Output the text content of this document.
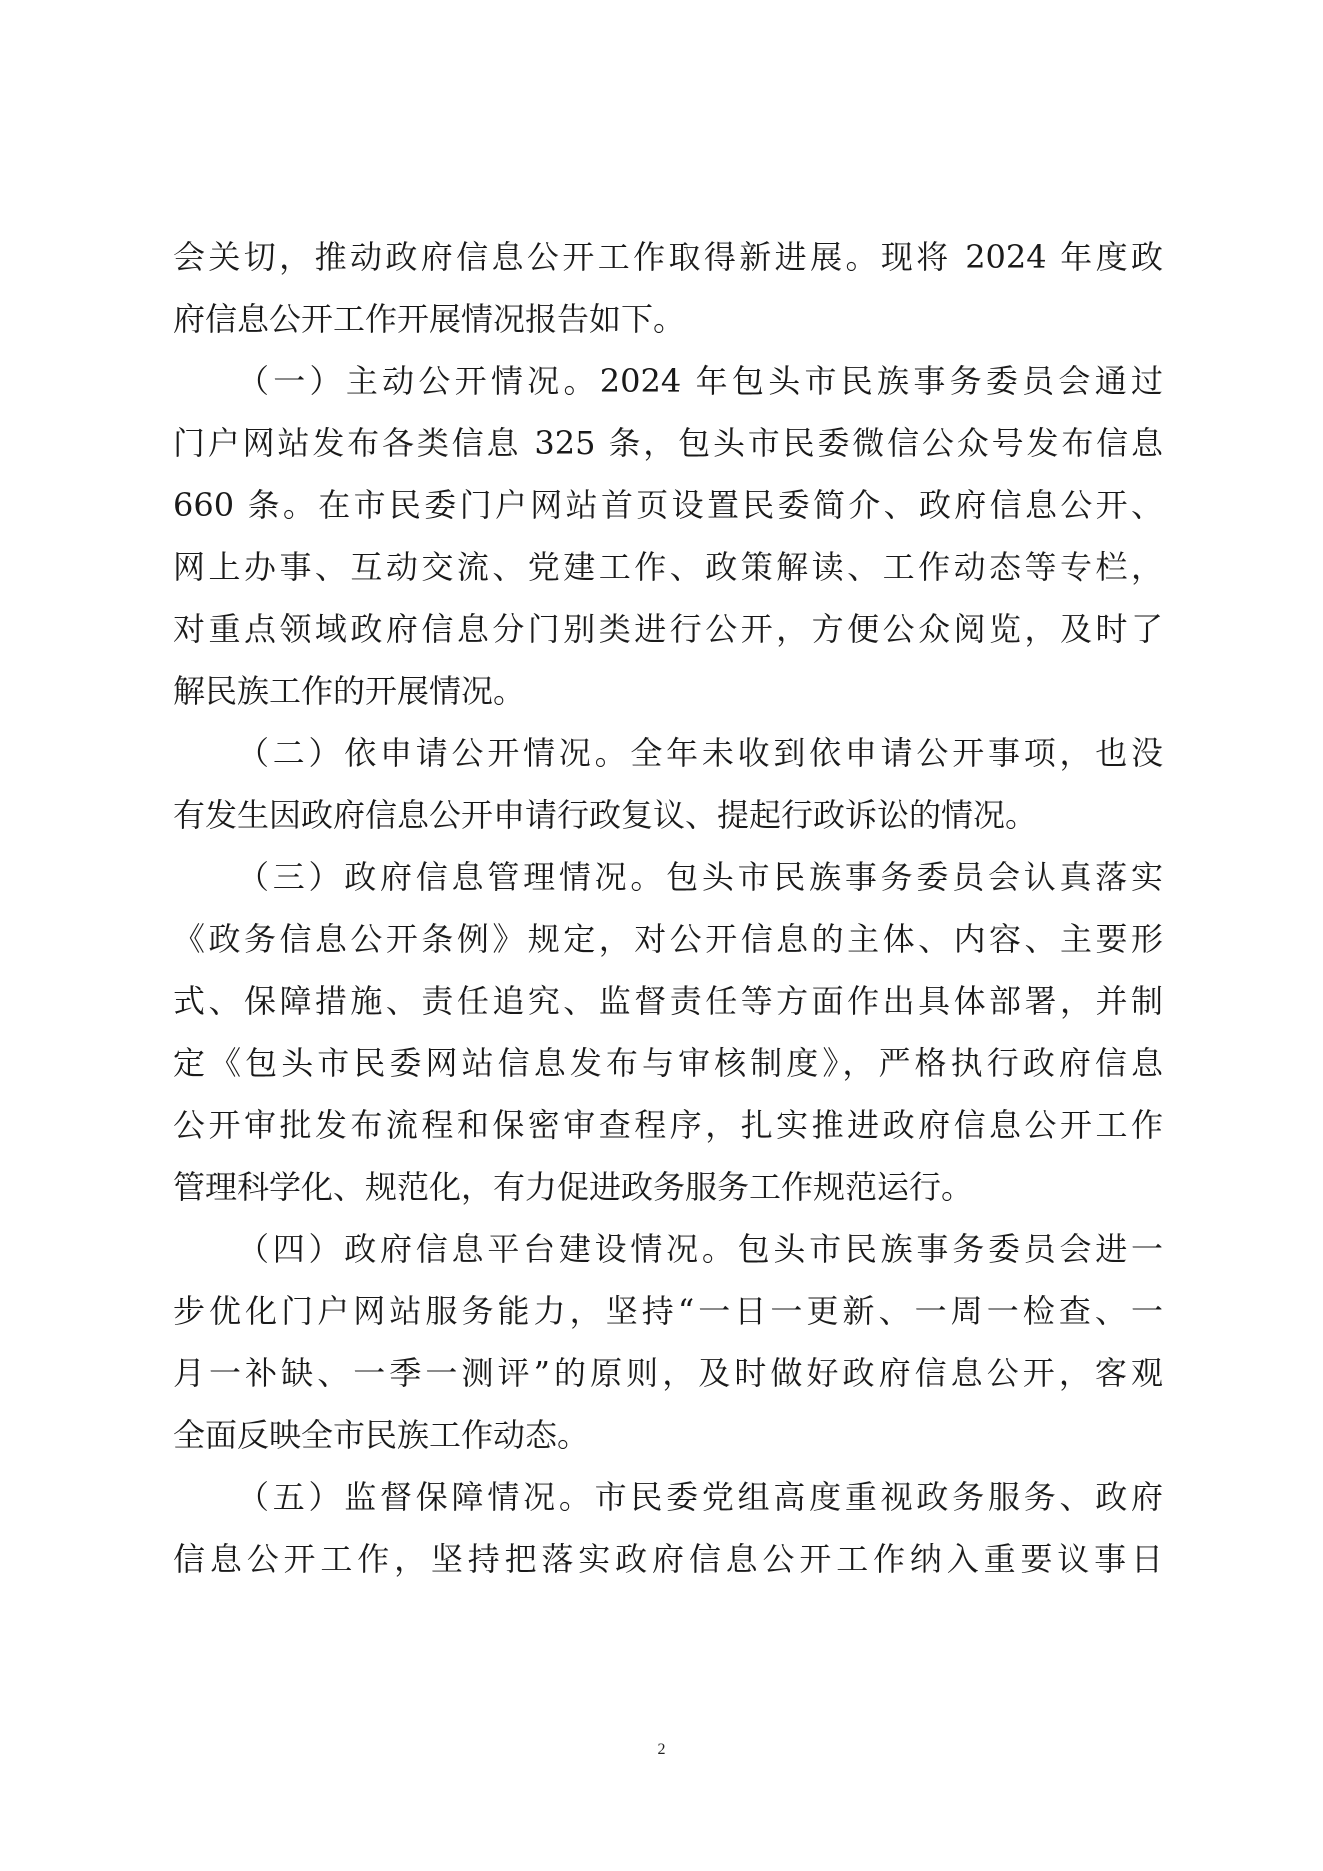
会关切，推动政府信息公开工作取得新进展。现将 2024 年度政
府信息公开工作开展情况报告如下。
（一）主动公开情况。2024 年包头市民族事务委员会通过
门户网站发布各类信息 325 条，包头市民委微信公众号发布信息
660 条。在市民委门户网站首页设置民委简介、政府信息公开、
网上办事、互动交流、党建工作、政策解读、工作动态等专栏，
对重点领域政府信息分门别类进行公开，方便公众阅览，及时了
解民族工作的开展情况。
（二）依申请公开情况。全年未收到依申请公开事项，也没
有发生因政府信息公开申请行政复议、提起行政诉讼的情况。
（三）政府信息管理情况。包头市民族事务委员会认真落实
《政务信息公开条例》规定，对公开信息的主体、内容、主要形
式、保障措施、责任追究、监督责任等方面作出具体部署，并制
定《包头市民委网站信息发布与审核制度》，严格执行政府信息
公开审批发布流程和保密审查程序，扎实推进政府信息公开工作
管理科学化、规范化，有力促进政务服务工作规范运行。
（四）政府信息平台建设情况。包头市民族事务委员会进一
步优化门户网站服务能力，坚持“一日一更新、一周一检查、一
月一补缺、一季一测评”的原则，及时做好政府信息公开，客观
全面反映全市民族工作动态。
（五）监督保障情况。市民委党组高度重视政务服务、政府
信息公开工作，坚持把落实政府信息公开工作纳入重要议事日
2
